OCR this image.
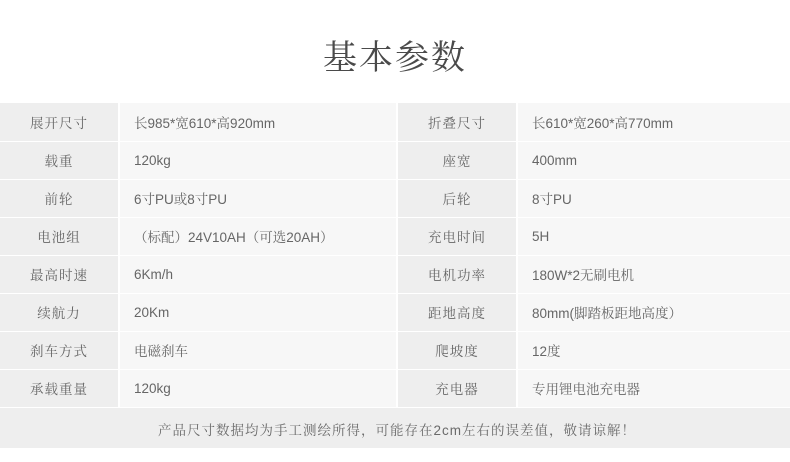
基本参数
展开尺寸	长985*宽610*高920mm	折叠尺寸	长610*宽260*高770mm
载重	120kg	座宽	400mm
前轮	6寸PU或8寸PU	后轮	8寸PU
电池组	（标配）24V10AH（可选20AH）	充电时间	5H
最高时速	6Km/h	电机功率	180W*2无刷电机
续航力	20Km	距地高度	80mm(脚踏板距地高度）
刹车方式	电磁刹车	爬坡度	12度
承载重量	120kg	充电器	专用锂电池充电器

产品尺寸数据均为手工测绘所得，可能存在2cm左右的误差值，敬请谅解！			
